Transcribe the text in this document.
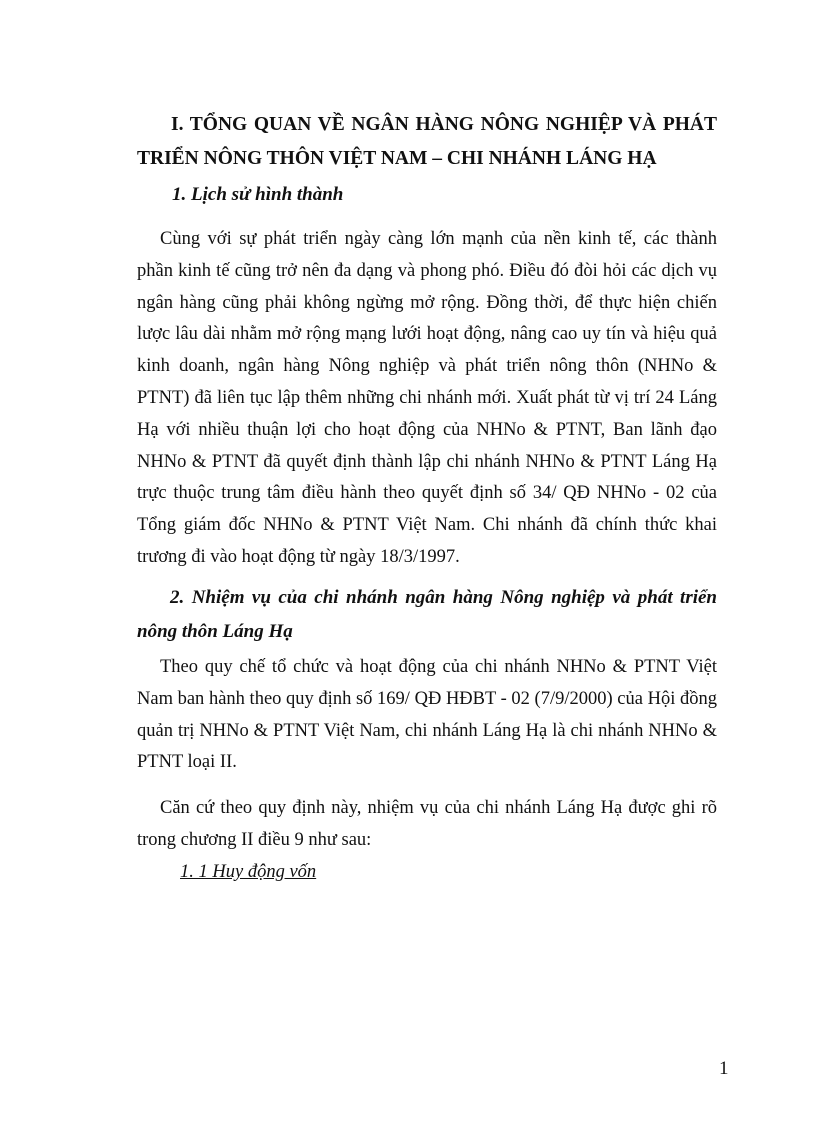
I. TỔNG QUAN VỀ NGÂN HÀNG NÔNG NGHIỆP VÀ PHÁT
TRIỂN NÔNG THÔN VIỆT NAM – CHI NHÁNH LÁNG HẠ
1. Lịch sử hình thành

Cùng với sự phát triển ngày càng lớn mạnh của nền kinh tế, các thành phần kinh tế cũng trở nên đa dạng và phong phó. Điều đó đòi hỏi các dịch vụ ngân hàng cũng phải không ngừng mở rộng. Đồng thời, để thực hiện chiến lược lâu dài nhằm mở rộng mạng lưới hoạt động, nâng cao uy tín và hiệu quả kinh doanh, ngân hàng Nông nghiệp và phát triển nông thôn (NHNo & PTNT) đã liên tục lập thêm những chi nhánh mới. Xuất phát từ vị trí 24 Láng Hạ với nhiều thuận lợi cho hoạt động của NHNo & PTNT, Ban lãnh đạo NHNo & PTNT đã quyết định thành lập chi nhánh NHNo & PTNT Láng Hạ trực thuộc trung tâm điều hành theo quyết định số 34/ QĐ NHNo - 02 của Tổng giám đốc NHNo & PTNT Việt Nam. Chi nhánh đã chính thức khai trương đi vào hoạt động từ ngày 18/3/1997.

2. Nhiệm vụ của chi nhánh ngân hàng Nông nghiệp và phát triển
nông thôn Láng Hạ

Theo quy chế tổ chức và hoạt động của chi nhánh NHNo & PTNT Việt Nam ban hành theo quy định số 169/ QĐ HĐBT - 02 (7/9/2000) của Hội đồng quản trị NHNo & PTNT Việt Nam, chi nhánh Láng Hạ là chi nhánh NHNo & PTNT loại II.

Căn cứ theo quy định này, nhiệm vụ của chi nhánh Láng Hạ được ghi rõ trong chương II điều 9 như sau:

1. 1 Huy động vốn

1
